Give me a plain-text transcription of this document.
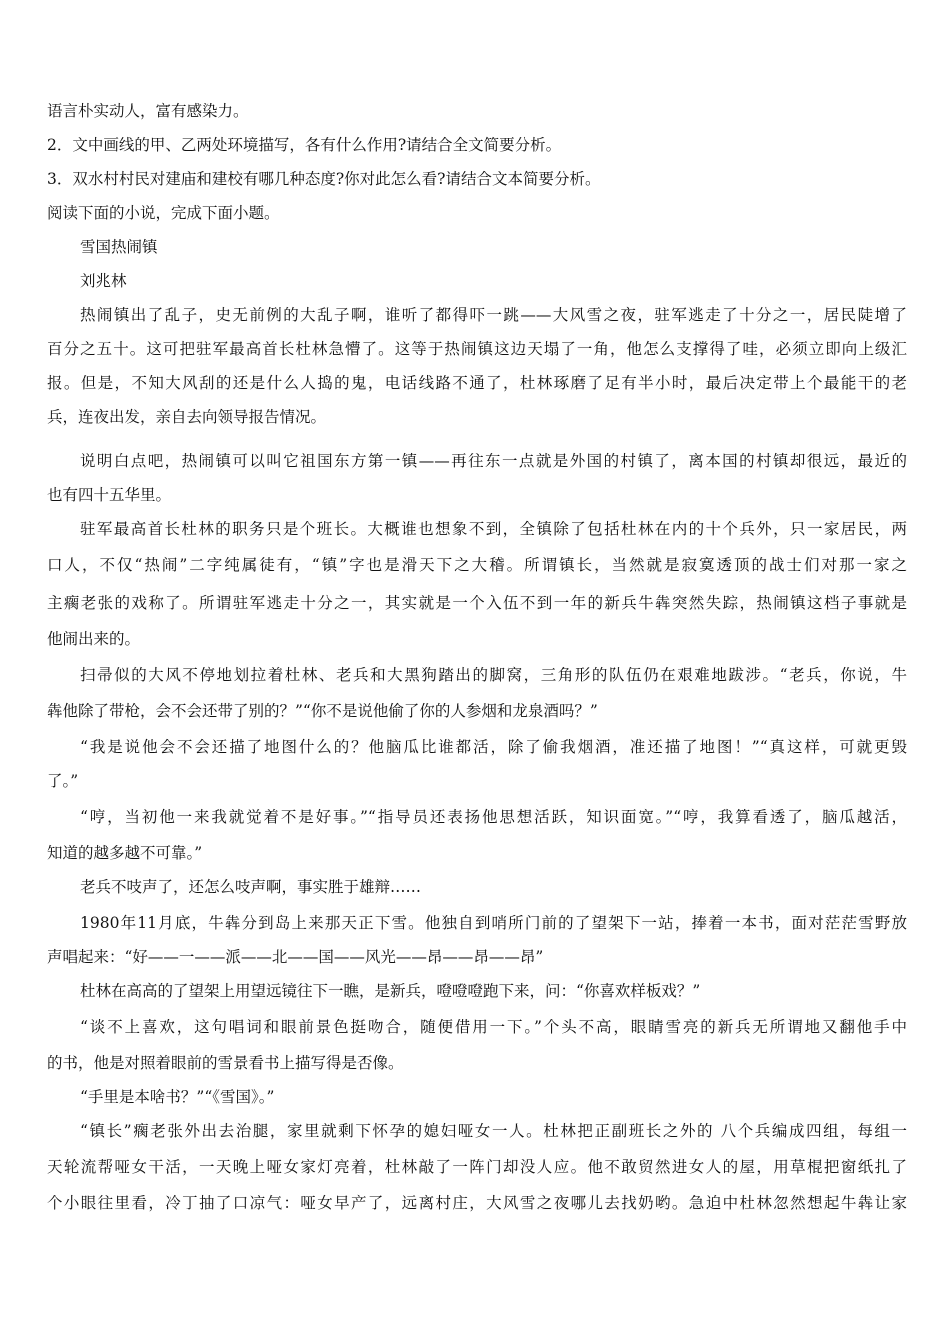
语言朴实动人，富有感染力。
2．文中画线的甲、乙两处环境描写，各有什么作用?请结合全文简要分析。
3．双水村村民对建庙和建校有哪几种态度?你对此怎么看?请结合文本简要分析。
阅读下面的小说，完成下面小题。
雪国热闹镇
刘兆林
热闹镇出了乱子，史无前例的大乱子啊，谁听了都得吓一跳——大风雪之夜，驻军逃走了十分之一，居民陡增了
百分之五十。这可把驻军最高首长杜林急懵了。这等于热闹镇这边天塌了一角，他怎么支撑得了哇，必须立即向上级汇
报。但是，不知大风刮的还是什么人捣的鬼，电话线路不通了，杜林琢磨了足有半小时，最后决定带上个最能干的老
兵，连夜出发，亲自去向领导报告情况。
说明白点吧，热闹镇可以叫它祖国东方第一镇——再往东一点就是外国的村镇了，离本国的村镇却很远，最近的
也有四十五华里。
驻军最高首长杜林的职务只是个班长。大概谁也想象不到，全镇除了包括杜林在内的十个兵外，只一家居民，两
口人，不仅“热闹”二字纯属徒有，“镇”字也是滑天下之大稽。所谓镇长，当然就是寂寞透顶的战士们对那一家之
主瘸老张的戏称了。所谓驻军逃走十分之一，其实就是一个入伍不到一年的新兵牛犇突然失踪，热闹镇这档子事就是
他闹出来的。
扫帚似的大风不停地划拉着杜林、老兵和大黑狗踏出的脚窝，三角形的队伍仍在艰难地跋涉。“老兵，你说，牛
犇他除了带枪，会不会还带了别的？”“你不是说他偷了你的人参烟和龙泉酒吗？”
“我是说他会不会还描了地图什么的？他脑瓜比谁都活，除了偷我烟酒，准还描了地图！”“真这样，可就更毁
了。”
“哼，当初他一来我就觉着不是好事。”“指导员还表扬他思想活跃，知识面宽。”“哼，我算看透了，脑瓜越活，
知道的越多越不可靠。”
老兵不吱声了，还怎么吱声啊，事实胜于雄辩……
1980年11月底，牛犇分到岛上来那天正下雪。他独自到哨所门前的了望架下一站，捧着一本书，面对茫茫雪野放
声唱起来：“好——一——派——北——国——风光——昂——昂——昂”
杜林在高高的了望架上用望远镜往下一瞧，是新兵，噔噔噔跑下来，问：“你喜欢样板戏？”
“谈不上喜欢，这句唱词和眼前景色挺吻合，随便借用一下。”个头不高，眼睛雪亮的新兵无所谓地又翻他手中
的书，他是对照着眼前的雪景看书上描写得是否像。
“手里是本啥书？”“《雪国》。”
“镇长”瘸老张外出去治腿，家里就剩下怀孕的媳妇哑女一人。杜林把正副班长之外的 八个兵编成四组，每组一
天轮流帮哑女干活，一天晚上哑女家灯亮着，杜林敲了一阵门却没人应。他不敢贸然进女人的屋，用草棍把窗纸扎了
个小眼往里看，冷丁抽了口凉气：哑女早产了，远离村庄，大风雪之夜哪儿去找奶哟。急迫中杜林忽然想起牛犇让家
